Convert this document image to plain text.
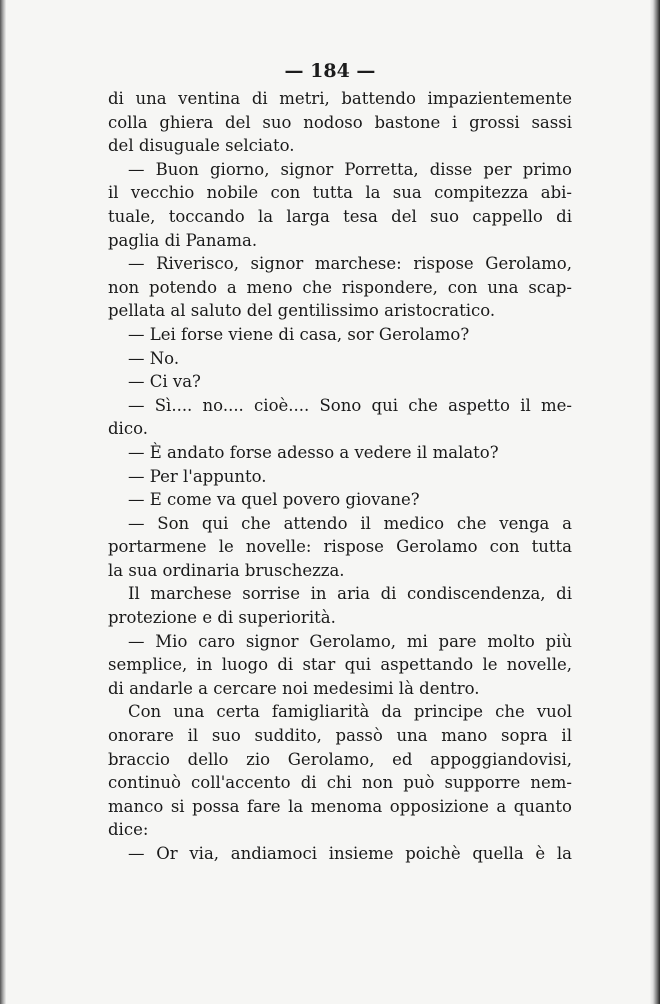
— 184 —
di una ventina di metri, battendo impazientemente
colla ghiera del suo nodoso bastone i grossi sassi
del disuguale selciato.
— Buon giorno, signor Porretta, disse per primo
il vecchio nobile con tutta la sua compitezza abi-
tuale, toccando la larga tesa del suo cappello di
paglia di Panama.
— Riverisco, signor marchese: rispose Gerolamo,
non potendo a meno che rispondere, con una scap-
pellata al saluto del gentilissimo aristocratico.
— Lei forse viene di casa, sor Gerolamo?
— No.
— Ci va?
— Sì.... no.... cioè.... Sono qui che aspetto il me-
dico.
— È andato forse adesso a vedere il malato?
— Per l'appunto.
— E come va quel povero giovane?
— Son qui che attendo il medico che venga a
portarmene le novelle: rispose Gerolamo con tutta
la sua ordinaria bruschezza.
Il marchese sorrise in aria di condiscendenza, di
protezione e di superiorità.
— Mio caro signor Gerolamo, mi pare molto più
semplice, in luogo di star qui aspettando le novelle,
di andarle a cercare noi medesimi là dentro.
Con una certa famigliarità da principe che vuol
onorare il suo suddito, passò una mano sopra il
braccio dello zio Gerolamo, ed appoggiandovisi,
continuò coll'accento di chi non può supporre nem-
manco si possa fare la menoma opposizione a quanto
dice:
— Or via, andiamoci insieme poichè quella è la
